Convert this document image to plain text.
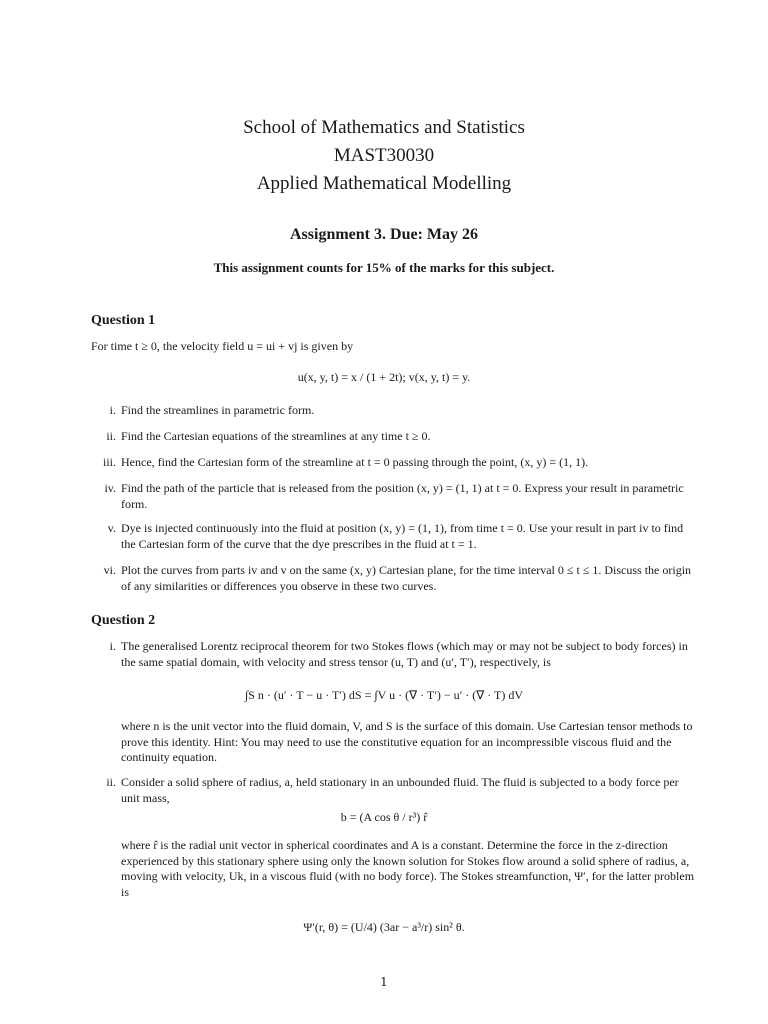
School of Mathematics and Statistics
MAST30030
Applied Mathematical Modelling
Assignment 3. Due: May 26
This assignment counts for 15% of the marks for this subject.
Question 1
For time t ≥ 0, the velocity field u = ui + vj is given by
u(x, y, t) = x / (1 + 2t); v(x, y, t) = y.
i. Find the streamlines in parametric form.
ii. Find the Cartesian equations of the streamlines at any time t ≥ 0.
iii. Hence, find the Cartesian form of the streamline at t = 0 passing through the point, (x, y) = (1, 1).
iv. Find the path of the particle that is released from the position (x, y) = (1, 1) at t = 0. Express your result in parametric form.
v. Dye is injected continuously into the fluid at position (x, y) = (1, 1), from time t = 0. Use your result in part iv to find the Cartesian form of the curve that the dye prescribes in the fluid at t = 1.
vi. Plot the curves from parts iv and v on the same (x, y) Cartesian plane, for the time interval 0 ≤ t ≤ 1. Discuss the origin of any similarities or differences you observe in these two curves.
Question 2
i. The generalised Lorentz reciprocal theorem for two Stokes flows (which may or may not be subject to body forces) in the same spatial domain, with velocity and stress tensor (u, T) and (u′, T′), respectively, is
∫S n · (u′ · T − u · T′) dS = ∫V u · (∇ · T′) − u′ · (∇ · T) dV
where n is the unit vector into the fluid domain, V, and S is the surface of this domain. Use Cartesian tensor methods to prove this identity. Hint: You may need to use the constitutive equation for an incompressible viscous fluid and the continuity equation.
ii. Consider a solid sphere of radius, a, held stationary in an unbounded fluid. The fluid is subjected to a body force per unit mass,
b = (A cos θ / r³) r̂
where r̂ is the radial unit vector in spherical coordinates and A is a constant. Determine the force in the z-direction experienced by this stationary sphere using only the known solution for Stokes flow around a solid sphere of radius, a, moving with velocity, Uk, in a viscous fluid (with no body force). The Stokes streamfunction, Ψ′, for the latter problem is
Ψ′(r, θ) = (U/4) (3ar − a³/r) sin² θ.
1
